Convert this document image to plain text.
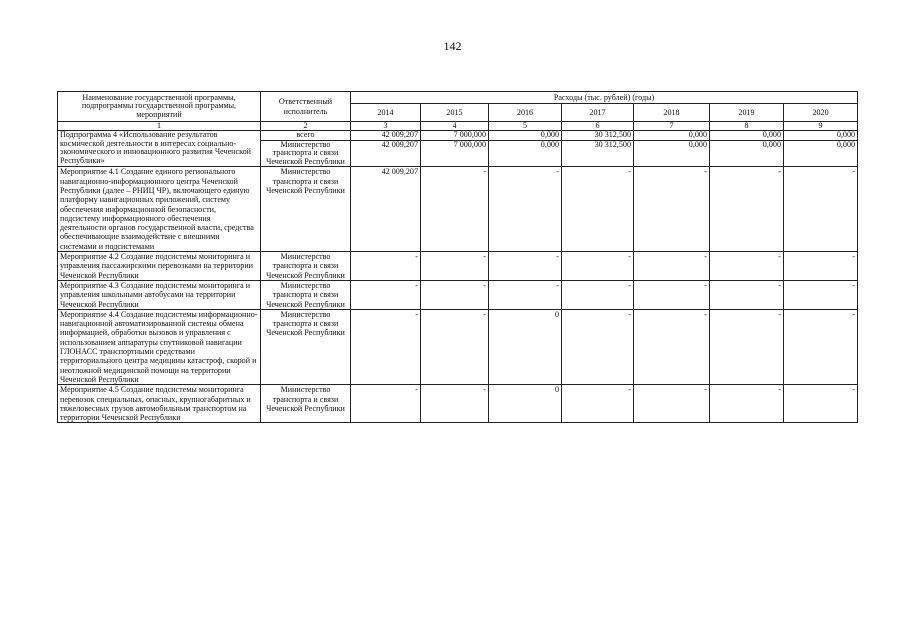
142
Наименование государственной программы, подпрограммы государственной программы, мероприятий	Ответственный исполнитель	Расходы (тыс. рублей) (годы)						
		2014	2015	2016	2017	2018	2019	2020
1	2	3	4	5	6	7	8	9
Подпрограмма 4 «Использование результатов космической деятельности в интересах социально-экономического и инновационного развития Чеченской Республики»	всего	42 009,207	7 000,000	0,000	30 312,500	0,000	0,000	0,000
	Министерство транспорта и связи Чеченской Республики	42 009,207	7 000,000	0,000	30 312,500	0,000	0,000	0,000
Мероприятие 4.1 Создание единого регионального навигационно-информационного центра Чеченской Республики (далее – РНИЦ ЧР), включающего единую платформу навигационных приложений, систему обеспечения информационной безопасности, подсистему информационного обеспечения деятельности органов государственной власти, средства обеспечивающие взаимодействие с внешними системами и подсистемами	Министерство транспорта и связи Чеченской Республики	42 009,207	-	-	-	-	-	-
Мероприятие 4.2 Создание подсистемы мониторинга и управления пассажирскими перевозками на территории Чеченской Республики	Министерство транспорта и связи Чеченской Республики	-	-	-	-	-	-	-
Мероприятие 4.3 Создание подсистемы мониторинга и управления школьными автобусами на территории Чеченской Республики	Министерство транспорта и связи Чеченской Республики	-	-	-	-	-	-	-
Мероприятие 4.4 Создание подсистемы информационно-навигационной автоматизированной системы обмена информацией, обработки вызовов и управления с использованием аппаратуры спутниковой навигации ГЛОНАСС транспортными средствами территориального центра медицины катастроф, скорой и неотложной медицинской помощи на территории Чеченской Республики	Министерство транспорта и связи Чеченской Республики	-	-	0	-	-	-	-
Мероприятие 4.5 Создание подсистемы мониторинга перевозок специальных, опасных, крупногабаритных и тяжеловесных грузов автомобильным транспортом на территории Чеченской Республики	Министерство транспорта и связи Чеченской Республики	-	-	0	-	-	-	-
